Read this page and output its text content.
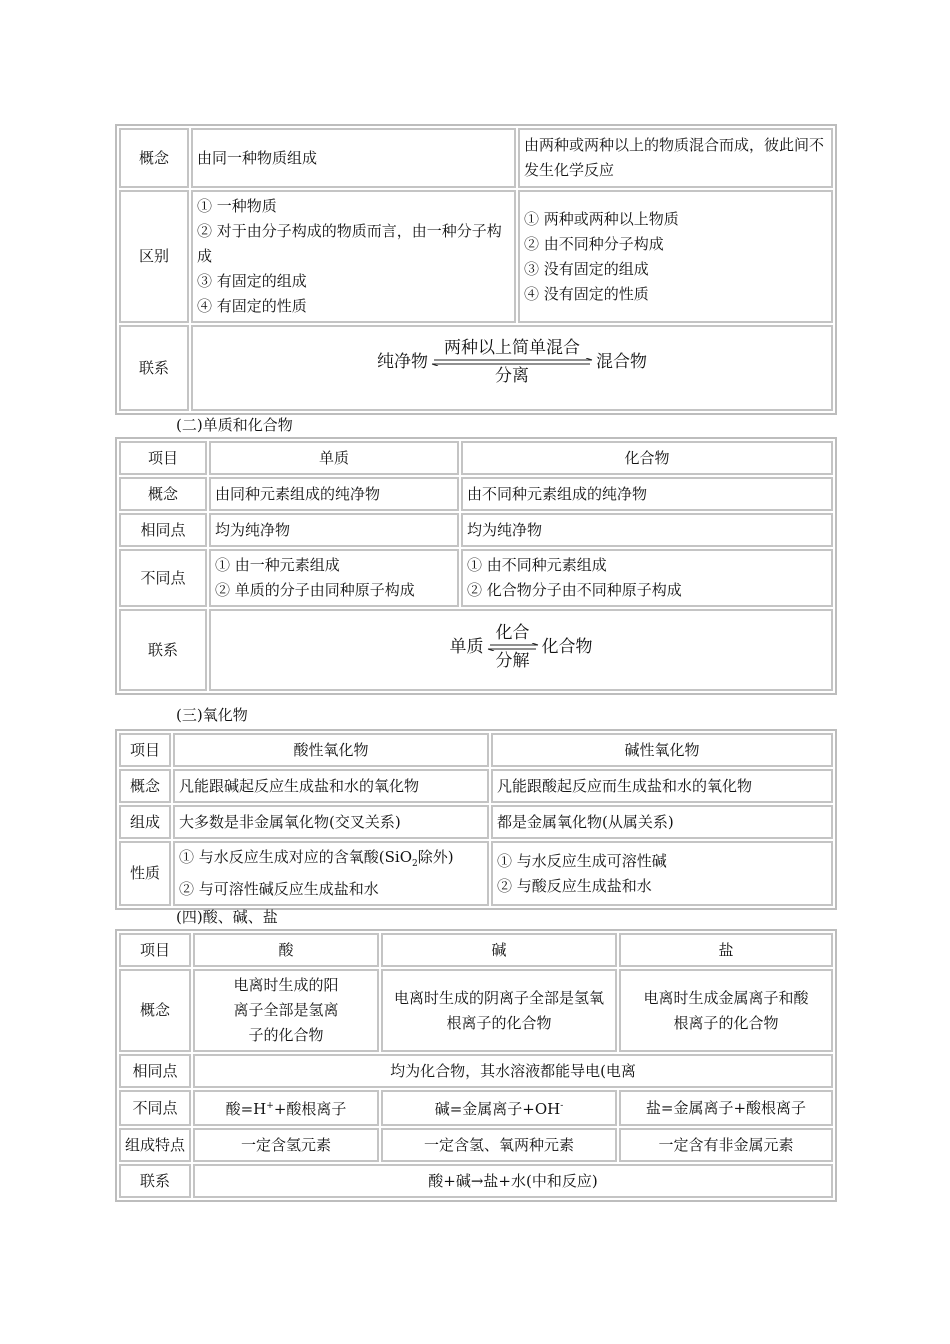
概念	由同一种物质组成	由两种或两种以上的物质混合而成，彼此间不发生化学反应
区别	① 一种物质
② 对于由分子构成的物质而言，由一种分子构成
③ 有固定的组成
④ 有固定的性质	① 两种或两种以上物质
② 由不同种分子构成
③ 没有固定的组成
④ 没有固定的性质

联系	纯净物
两种以上简单混合
分离
混合物	
(二)单质和化合物
项目	单质	化合物
概念	由同种元素组成的纯净物	由不同种元素组成的纯净物
相同点	均为纯净物	均为纯净物
不同点	① 由一种元素组成
② 单质的分子由同种原子构成	① 由不同种元素组成
② 化合物分子由不同种原子构成

联系	单质
化合
分解
化合物	
(三)氧化物
项目	酸性氧化物	碱性氧化物
概念	凡能跟碱起反应生成盐和水的氧化物	凡能跟酸起反应而生成盐和水的氧化物
组成	大多数是非金属氧化物(交叉关系)	都是金属氧化物(从属关系)
性质	① 与水反应生成对应的含氧酸(SiO$_2$除外)
② 与可溶性碱反应生成盐和水	① 与水反应生成可溶性碱
② 与酸反应生成盐和水
(四)酸、碱、盐
项目	酸	碱	盐
概念	电离时生成的阳
离子全部是氢离
子的化合物	电离时生成的阴离子全部是氢氧
根离子的化合物	电离时生成金属离子和酸
根离子的化合物

相同点	均为化合物，其水溶液都能导电(电离		
不同点	酸=H++酸根离子	碱=金属离子+OH-	盐=金属离子+酸根离子
组成特点	一定含氢元素	一定含氢、氧两种元素	一定含有非金属元素
联系	酸+碱→盐+水(中和反应)		
